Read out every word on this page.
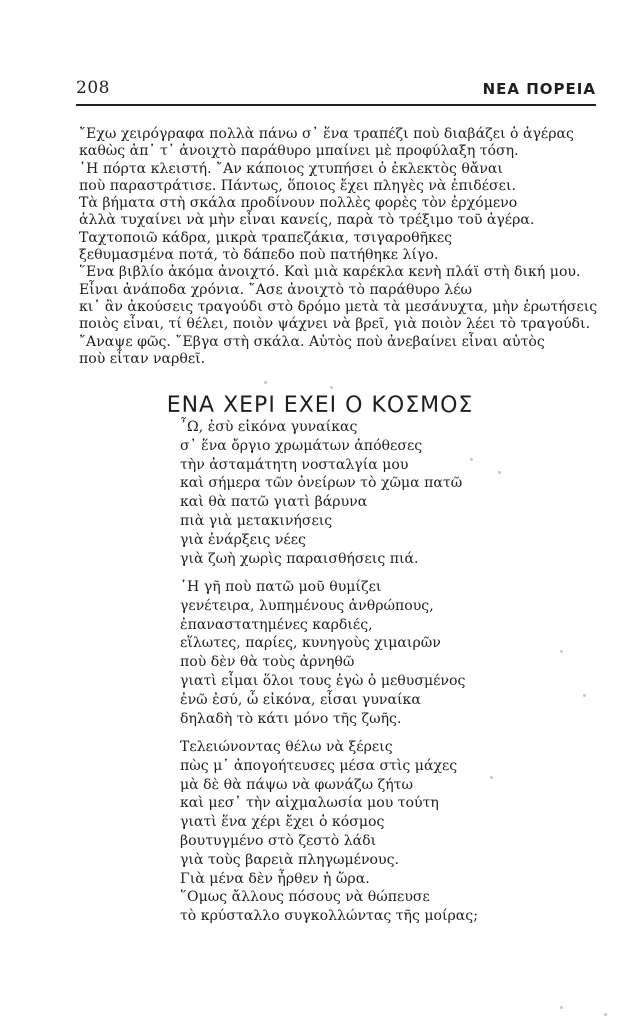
208	ΝΕΑ ΠΟΡΕΙΑ
῎Εχω χειρόγραφα πολλὰ πάνω σ᾽ ἕνα τραπέζι ποὺ διαβάζει ὁ ἀγέρας
καθὼς ἀπ᾽ τ᾽ ἀνοιχτὸ παράθυρο μπαίνει μὲ προφύλαξη τόση.
῾Η πόρτα κλειστή. ῎Αν κάποιος χτυπήσει ὁ ἐκλεκτὸς θἄναι
ποὺ παραστράτισε. Πάντως, ὅποιος ἔχει πληγὲς νὰ ἐπιδέσει.
Τὰ βήματα στὴ σκάλα προδίνουν πολλὲς φορὲς τὸν ἐρχόμενο
ἀλλὰ τυχαίνει νὰ μὴν εἶναι κανείς, παρὰ τὸ τρέξιμο τοῦ ἀγέρα.
Ταχτοποιῶ κάδρα, μικρὰ τραπεζάκια, τσιγαροθῆκες
ξεθυμασμένα ποτά, τὸ δάπεδο ποὺ πατήθηκε λίγο.
῞Ενα βιβλίο ἀκόμα ἀνοιχτό. Καὶ μιὰ καρέκλα κενὴ πλάϊ στὴ δική μου.
Εἶναι ἀνάποδα χρόνια. ῎Ασε ἀνοιχτὸ τὸ παράθυρο λέω
κι᾽ ἂν ἀκούσεις τραγούδι στὸ δρόμο μετὰ τὰ μεσάνυχτα, μὴν ἐρωτήσεις
ποιὸς εἶναι, τί θέλει, ποιὸν ψάχνει νὰ βρεῖ, γιὰ ποιὸν λέει τὸ τραγούδι.
῎Αναψε φῶς. ῎Εβγα στὴ σκάλα. Αὐτὸς ποὺ ἀνεβαίνει εἶναι αὐτὸς
ποὺ εἶταν ναρθεῖ.
ΕΝΑ ΧΕΡΙ ΕΧΕΙ Ο ΚΟΣΜΟΣ
῏Ω, ἐσὺ εἰκόνα γυναίκας
σ᾽ ἕνα ὄργιο χρωμάτων ἀπόθεσες
τὴν ἀσταμάτητη νοσταλγία μου
καὶ σήμερα τῶν ὀνείρων τὸ χῶμα πατῶ
καὶ θὰ πατῶ γιατὶ βάρυνα
πιὰ γιὰ μετακινήσεις
γιὰ ἐνάρξεις νέες
γιὰ ζωὴ χωρὶς παραισθήσεις πιά.
῾Η γῆ ποὺ πατῶ μοῦ θυμίζει
γενέτειρα, λυπημένους ἀνθρώπους,
ἐπαναστατημένες καρδιές,
εἵλωτες, παρίες, κυνηγοὺς χιμαιρῶν
ποὺ δὲν θὰ τοὺς ἀρνηθῶ
γιατὶ εἶμαι ὅλοι τους ἐγὼ ὁ μεθυσμένος
ἐνῶ ἐσύ, ὦ εἰκόνα, εἶσαι γυναίκα
δηλαδὴ τὸ κάτι μόνο τῆς ζωῆς.
Τελειώνοντας θέλω νὰ ξέρεις
πὼς μ᾽ ἀπογοήτευσες μέσα στὶς μάχες
μὰ δὲ θὰ πάψω νὰ φωνάζω ζήτω
καὶ μεσ᾽ τὴν αἰχμαλωσία μου τούτη
γιατὶ ἕνα χέρι ἔχει ὁ κόσμος
βουτυγμένο στὸ ζεστὸ λάδι
γιὰ τοὺς βαρειὰ πληγωμένους.
Γιὰ μένα δὲν ἦρθεν ἡ ὥρα.
῞Ομως ἄλλους πόσους νὰ θώπευσε
τὸ κρύσταλλο συγκολλώντας τῆς μοίρας;
